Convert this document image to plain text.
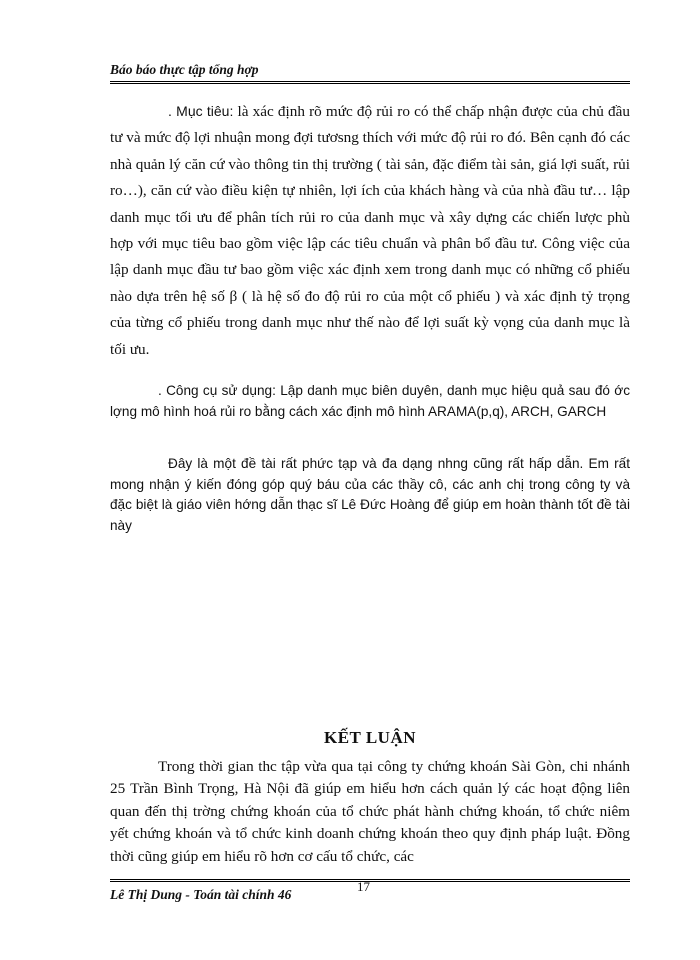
Báo báo thực tập tổng hợp
. Mục tiêu: là xác định rõ mức độ rủi ro có thể chấp nhận được của chủ đầu tư và mức độ lợi nhuận mong đợi tươsng thích với mức độ rủi ro đó. Bên cạnh đó các nhà quản lý căn cứ vào thông tin thị trường ( tài sản, đặc điểm tài sản, giá lợi suất, rủi ro…), căn cứ vào điều kiện tự nhiên, lợi ích của khách hàng và của nhà đầu tư… lập danh mục tối ưu để phân tích rủi ro của danh mục và xây dựng các chiến lược phù hợp với mục tiêu bao gồm việc lập các tiêu chuẩn và phân bổ đầu tư. Công việc của lập danh mục đầu tư bao gồm việc xác định xem trong danh mục có những cổ phiếu nào dựa trên hệ số β ( là hệ số đo độ rủi ro của một cổ phiếu ) và xác định tỷ trọng của từng cổ phiếu trong danh mục như thế nào để lợi suất kỳ vọng của danh mục là tối ưu.
. Công cụ sử dụng: Lập danh mục biên duyên, danh mục hiệu quả sau đó ớc lợng mô hình hoá rủi ro bằng cách xác định mô hình ARAMA(p,q), ARCH, GARCH
Đây là một đề tài rất phức tạp và đa dạng nhng cũng rất hấp dẫn. Em rất mong nhận ý kiến đóng góp quý báu của các thầy cô, các anh chị trong công ty và đặc biệt là giáo viên hớng dẫn thạc sĩ Lê Đức Hoàng để giúp em hoàn thành tốt đề tài này
KẾT LUẬN
Trong thời gian thc tập vừa qua tại công ty chứng khoán Sài Gòn, chi nhánh 25 Trần Bình Trọng, Hà Nội đã giúp em hiểu hơn cách quản lý các hoạt động liên quan đến thị trờng chứng khoán của tổ chức phát hành chứng khoán, tổ chức niêm yết chứng khoán và tổ chức kinh doanh chứng khoán theo quy định pháp luật. Đồng thời cũng giúp em hiểu rõ hơn cơ cấu tổ chức, các
Lê Thị Dung - Toán tài chính 46
17
